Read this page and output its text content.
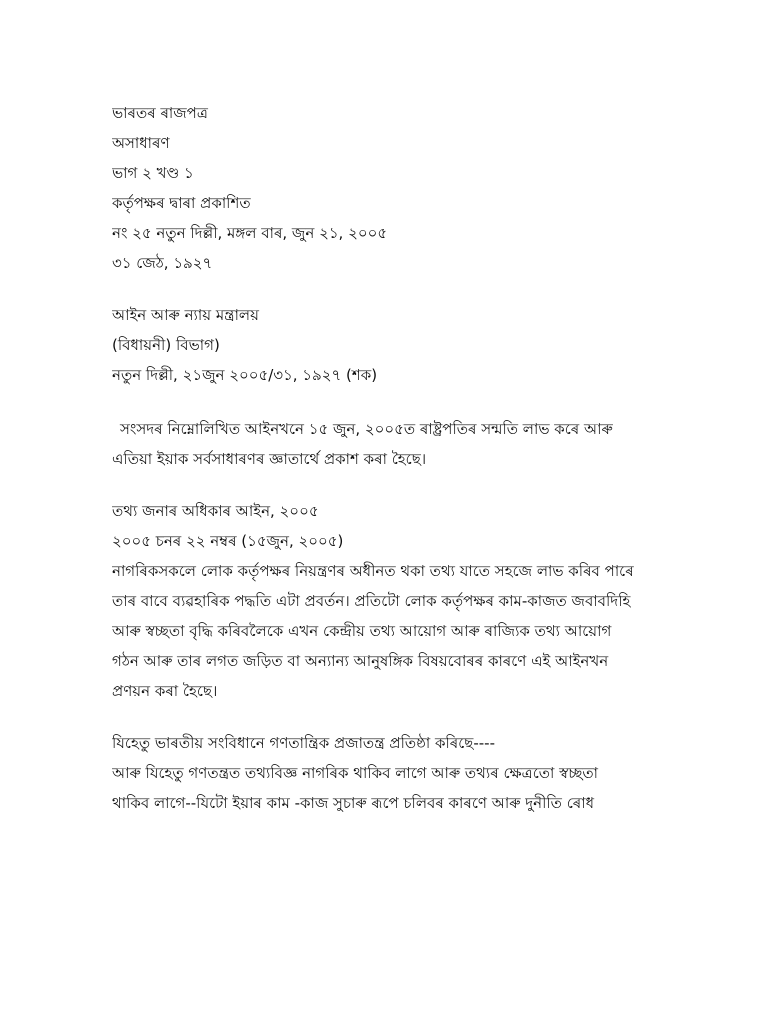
ভাৰতৰ ৰাজপত্ৰ
অসাধাৰণ
ভাগ ২ খণ্ড ১
কৰ্তৃপক্ষৰ দ্বাৰা প্ৰকাশিত
নং ২৫ নতুন দিল্লী, মঙ্গল বাৰ, জুন ২১, ২০০৫
৩১ জেঠ, ১৯২৭
আইন আৰু ন্যায় মন্ত্ৰালয়
(বিধায়নী) বিভাগ)
নতুন দিল্লী, ২১জুন ২০০৫/৩১, ১৯২৭ (শক)
সংসদৰ নিম্নোলিখিত আইনখনে ১৫ জুন, ২০০৫ত ৰাষ্ট্ৰপতিৰ সন্মতি লাভ কৰে আৰু
এতিয়া ইয়াক সৰ্বসাধাৰণৰ জ্ঞাতাৰ্থে প্ৰকাশ কৰা হৈছে।
তথ্য জনাৰ অধিকাৰ আইন, ২০০৫
২০০৫ চনৰ ২২ নম্বৰ (১৫জুন, ২০০৫)
নাগৰিকসকলে লোক কৰ্তৃপক্ষৰ নিয়ন্ত্ৰণৰ অধীনত থকা তথ্য যাতে সহজে লাভ কৰিব পাৰে
তাৰ বাবে ব্যৱহাৰিক পদ্ধতি এটা প্ৰবৰ্তন। প্ৰতিটো লোক কৰ্তৃপক্ষৰ কাম-কাজত জবাবদিহি
আৰু স্বচ্ছতা বৃদ্ধি কৰিবলৈকে এখন কেন্দ্ৰীয় তথ্য আয়োগ আৰু ৰাজ্যিক তথ্য আয়োগ
গঠন আৰু তাৰ লগত জড়িত বা অন্যান্য আনুষঙ্গিক বিষয়বোৰৰ কাৰণে এই আইনখন
প্ৰণয়ন কৰা হৈছে।
যিহেতু ভাৰতীয় সংবিধানে গণতান্ত্ৰিক প্ৰজাতন্ত্ৰ প্ৰতিষ্ঠা কৰিছে----
আৰু যিহেতু গণতন্ত্ৰত তথ্যবিজ্ঞ নাগৰিক থাকিব লাগে আৰু তথ্যৰ ক্ষেত্ৰতো স্বচ্ছতা
থাকিব লাগে--যিটো ইয়াৰ কাম -কাজ সুচাৰু ৰূপে চলিবৰ কাৰণে আৰু দুনীতি ৰোধ
